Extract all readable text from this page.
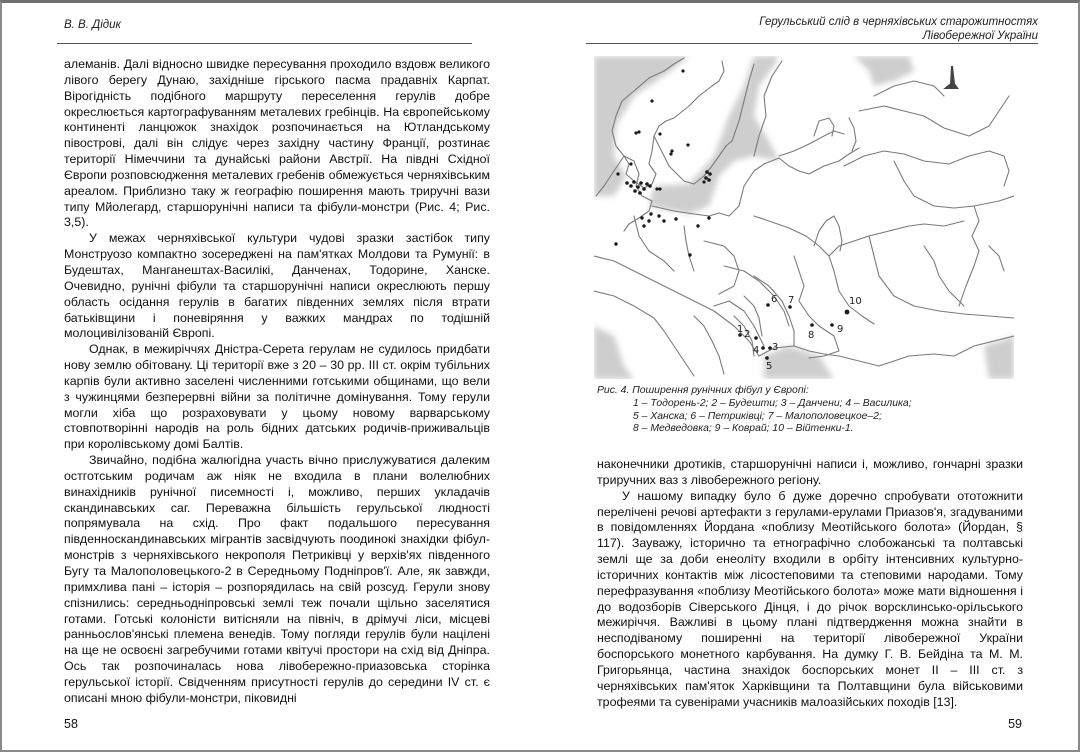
В. В. Дідик

алеманів. Далі відносно швидке пересування проходило вздовж великого лівого берегу Дунаю, західніше гірського пасма прадавніх Карпат. Вірогідність подібного маршруту переселення герулів добре окреслюється картографуванням металевих гребінців. На європейському континенті ланцюжок знахідок розпочинається на Ютландському півострові, далі він слідує через західну частину Франції, розтинає території Німеччини та дунайські райони Австрії. На півдні Східної Європи розповсюдження металевих гребенів обмежується черняхівським ареалом. Приблизно таку ж географію поширення мають триручні вази типу Мйолегард, старшорунічні написи та фібули-монстри (Рис. 4; Рис. 3,5).

У межах черняхівської культури чудові зразки застібок типу Монструозо компактно зосереджені на пам'ятках Молдови та Румунії: в Будештах, Манганештах-Василікі, Данченах, Тодорине, Ханске. Очевидно, рунічні фібули та старшорунічні написи окреслюють першу область осідання герулів в багатих південних землях після втрати батьківщини і поневіряння у важких мандрах по тодішній молоцивілізованій Європі.

Однак, в межиріччях Дністра-Серета герулам не судилось придбати нову землю обітовану. Ці території вже з 20 – 30 рр. III ст. окрім тубільних карпів були активно заселені численними готськими общинами, що вели з чужинцями безперервні війни за політичне домінування. Тому герули могли хіба що розраховувати у цьому новому варварському стовпотворінні народів на роль бідних датських родичів-приживальців при королівському домі Балтів.

Звичайно, подібна жалюгідна участь вічно прислужуватися далеким остготським родичам аж ніяк не входила в плани волелюбних винахідників рунічної писемності і, можливо, перших укладачів скандинавських саг. Переважна більшість герульської людності попрямувала на схід. Про факт подальшого пересування південноскандинавських мігрантів засвідчують поодинокі знахідки фібул-монстрів з черняхівського некрополя Петриківці у верхів'ях південного Бугу та Малополовецького-2 в Середньому Подніпров'ї. Але, як завжди, примхлива пані – історія – розпорядилась на свій розсуд. Герули знову спізнились: середньодніпровські землі теж почали щільно заселятися готами. Готські колоністи витісняли на північ, в дрімучі ліси, місцеві ранньослов'янські племена венедів. Тому погляди герулів були націлені на ще не освоєні загребучими готами квітучі простори на схід від Дніпра. Ось так розпочиналась нова лівобережно-приазовська сторінка герульської історії. Свідченням присутності герулів до середини IV ст. є описані мною фібули-монстри, піковидні

58
Герульський слід в черняхівських старожитностях
Лівобережної України
6 7
8
9
10
2
1
3
4
5
Рис. 4. Поширення рунічних фібул у Європі:
1 – Тодорень-2; 2 – Будешти; 3 – Данчени; 4 – Василика;
5 – Ханска; 6 – Петриківці; 7 – Малополовецкое–2;
8 – Медведовка; 9 – Коврай; 10 – Війтенки-1.

наконечники дротиків, старшорунічні написи і, можливо, гончарні зразки триручних ваз з лівобережного регіону.

У нашому випадку було б дуже доречно спробувати ототожнити перелічені речові артефакти з герулами-ерулами Приазов'я, згадуваними в повідомленнях Йордана «поблизу Меотійського болота» (Йордан, § 117). Зауважу, історично та етнографічно слобожанські та полтавські землі ще за доби енеоліту входили в орбіту інтенсивних культурно-історичних контактів між лісостеповими та степовими народами. Тому перефразування «поблизу Меотійського болота» може мати відношення і до водозборів Сіверського Дінця, і до річок ворсклинсько-орільського межиріччя. Важливі в цьому плані підтвердження можна знайти в несподіваному поширенні на території лівобережної України боспорського монетного карбування. На думку Г. В. Бейдіна та М. М. Григорьянца, частина знахідок боспорських монет II – III ст. з черняхівських пам'яток Харківщини та Полтавщини була військовими трофеями та сувенірами учасників малоазійських походів [13].

59
